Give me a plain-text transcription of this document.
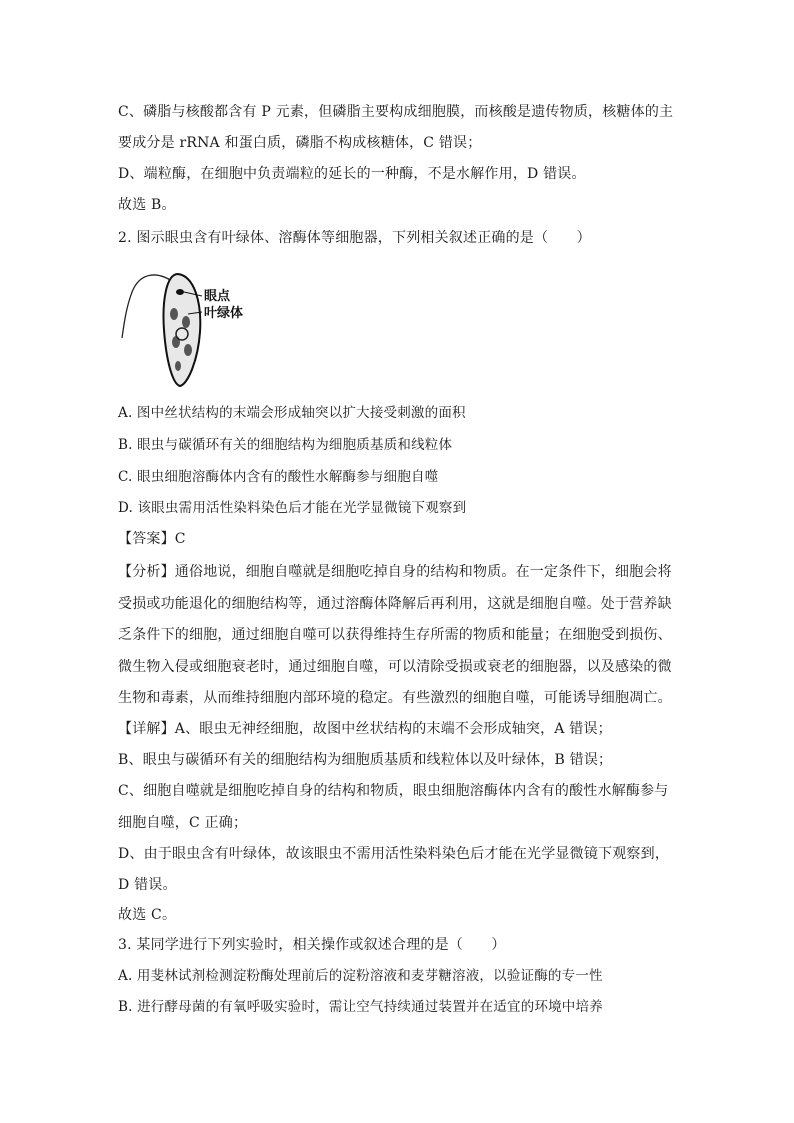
C、磷脂与核酸都含有 P 元素，但磷脂主要构成细胞膜，而核酸是遗传物质，核糖体的主
要成分是 rRNA 和蛋白质，磷脂不构成核糖体，C 错误；
D、端粒酶，在细胞中负责端粒的延长的一种酶，不是水解作用，D 错误。
故选 B。
2. 图示眼虫含有叶绿体、溶酶体等细胞器，下列相关叙述正确的是（　　）
眼点
叶绿体
A. 图中丝状结构的末端会形成轴突以扩大接受刺激的面积
B. 眼虫与碳循环有关的细胞结构为细胞质基质和线粒体
C. 眼虫细胞溶酶体内含有的酸性水解酶参与细胞自噬
D. 该眼虫需用活性染料染色后才能在光学显微镜下观察到
【答案】C
【分析】通俗地说，细胞自噬就是细胞吃掉自身的结构和物质。在一定条件下，细胞会将
受损或功能退化的细胞结构等，通过溶酶体降解后再利用，这就是细胞自噬。处于营养缺
乏条件下的细胞，通过细胞自噬可以获得维持生存所需的物质和能量；在细胞受到损伤、
微生物入侵或细胞衰老时，通过细胞自噬，可以清除受损或衰老的细胞器，以及感染的微
生物和毒素，从而维持细胞内部环境的稳定。有些激烈的细胞自噬，可能诱导细胞凋亡。
【详解】A、眼虫无神经细胞，故图中丝状结构的末端不会形成轴突，A 错误；
B、眼虫与碳循环有关的细胞结构为细胞质基质和线粒体以及叶绿体，B 错误；
C、细胞自噬就是细胞吃掉自身的结构和物质，眼虫细胞溶酶体内含有的酸性水解酶参与
细胞自噬，C 正确；
D、由于眼虫含有叶绿体，故该眼虫不需用活性染料染色后才能在光学显微镜下观察到，
D 错误。
故选 C。
3. 某同学进行下列实验时，相关操作或叙述合理的是（　　）
A. 用斐林试剂检测淀粉酶处理前后的淀粉溶液和麦芽糖溶液，以验证酶的专一性
B. 进行酵母菌的有氧呼吸实验时，需让空气持续通过装置并在适宜的环境中培养
